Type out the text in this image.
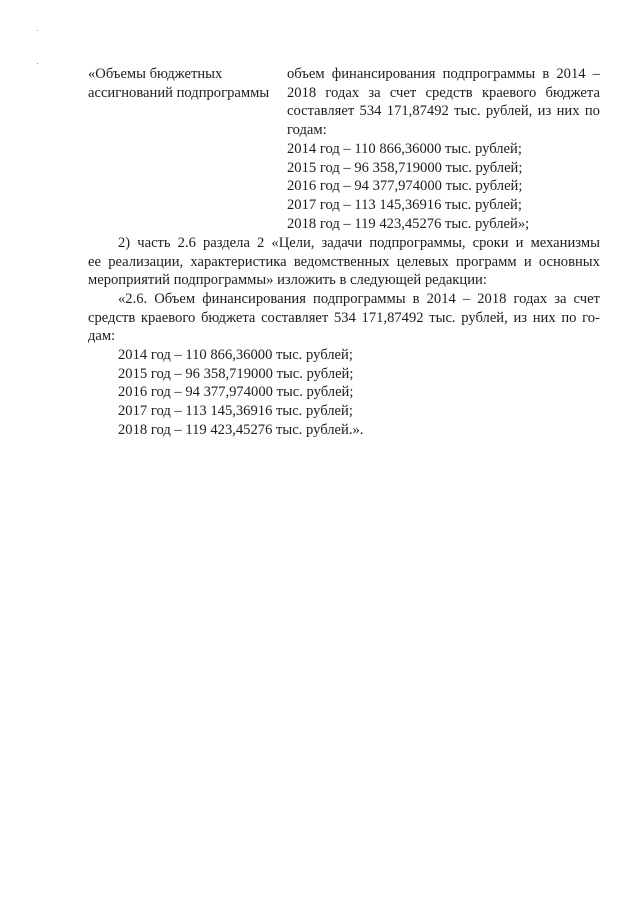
«Объемы бюджетных
ассигнований подпрограммы
объем финансирования подпрограммы в 2014 –
2018 годах за счет средств краевого бюджета
составляет 534 171,87492 тыс. рублей, из них по
годам:
2014 год – 110 866,36000 тыс. рублей;
2015 год – 96 358,719000 тыс. рублей;
2016 год – 94 377,974000 тыс. рублей;
2017 год – 113 145,36916 тыс. рублей;
2018 год – 119 423,45276 тыс. рублей»;
2) часть 2.6 раздела 2 «Цели, задачи подпрограммы, сроки и механизмы
ее реализации, характеристика ведомственных целевых программ и основных
мероприятий подпрограммы» изложить в следующей редакции:
«2.6. Объем финансирования подпрограммы в 2014 – 2018 годах за счет
средств краевого бюджета составляет 534 171,87492 тыс. рублей, из них по го-
дам:
2014 год – 110 866,36000 тыс. рублей;
2015 год – 96 358,719000 тыс. рублей;
2016 год – 94 377,974000 тыс. рублей;
2017 год – 113 145,36916 тыс. рублей;
2018 год – 119 423,45276 тыс. рублей.».
